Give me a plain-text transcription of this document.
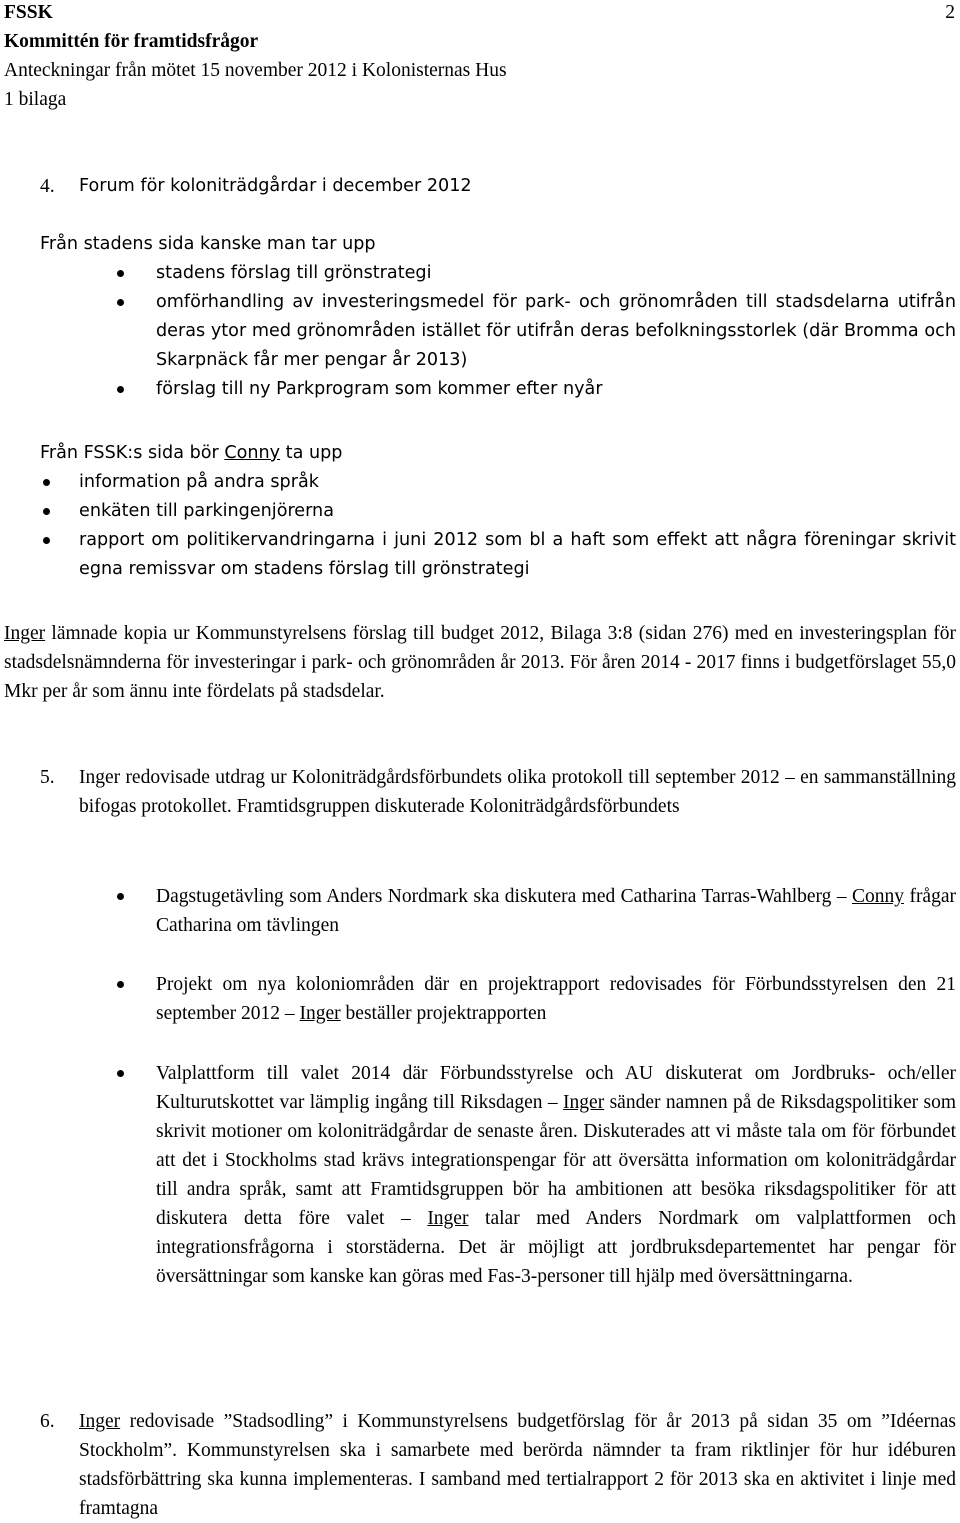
FSSK
Kommittén för framtidsfrågor
Anteckningar från mötet 15 november 2012 i Kolonisternas Hus
1 bilaga
2
4. Forum för koloniträdgårdar i december 2012
Från stadens sida kanske man tar upp
stadens förslag till grönstrategi
omförhandling av investeringsmedel för park- och grönområden till stadsdelarna utifrån deras ytor med grönområden istället för utifrån deras befolkningsstorlek (där Bromma och Skarpnäck får mer pengar år 2013)
förslag till ny Parkprogram som kommer efter nyår
Från FSSK:s sida bör Conny ta upp
information på andra språk
enkäten till parkingenjörerna
rapport om politikervandringarna i juni 2012 som bl a haft som effekt att några föreningar skrivit egna remissvar om stadens förslag till grönstrategi
Inger lämnade kopia ur Kommunstyrelsens förslag till budget 2012, Bilaga 3:8 (sidan 276) med en investeringsplan för stadsdelsnämnderna för investeringar i park- och grönområden år 2013. För åren 2014 - 2017 finns i budgetförslaget 55,0 Mkr per år som ännu inte fördelats på stadsdelar.
5. Inger redovisade utdrag ur Koloniträdgårdsförbundets olika protokoll till september 2012 – en sammanställning bifogas protokollet. Framtidsgruppen diskuterade Koloniträdgårdsförbundets
Dagstugetävling som Anders Nordmark ska diskutera med Catharina Tarras-Wahlberg – Conny frågar Catharina om tävlingen
Projekt om nya koloniområden där en projektrapport redovisades för Förbundsstyrelsen den 21 september 2012 – Inger beställer projektrapporten
Valplattform till valet 2014 där Förbundsstyrelse och AU diskuterat om Jordbruks- och/eller Kulturutskottet var lämplig ingång till Riksdagen – Inger sänder namnen på de Riksdagspolitiker som skrivit motioner om koloniträdgårdar de senaste åren. Diskuterades att vi måste tala om för förbundet att det i Stockholms stad krävs integrationspengar för att översätta information om koloniträdgårdar till andra språk, samt att Framtidsgruppen bör ha ambitionen att besöka riksdagspolitiker för att diskutera detta före valet – Inger talar med Anders Nordmark om valplattformen och integrationsfrågorna i storstäderna. Det är möjligt att jordbruksdepartementet har pengar för översättningar som kanske kan göras med Fas-3-personer till hjälp med översättningarna.
6. Inger redovisade ”Stadsodling” i Kommunstyrelsens budgetförslag för år 2013 på sidan 35 om ”Idéernas Stockholm”. Kommunstyrelsen ska i samarbete med berörda nämnder ta fram riktlinjer för hur idéburen stadsförbättring ska kunna implementeras. I samband med tertialrapport 2 för 2013 ska en aktivitet i linje med framtagna
